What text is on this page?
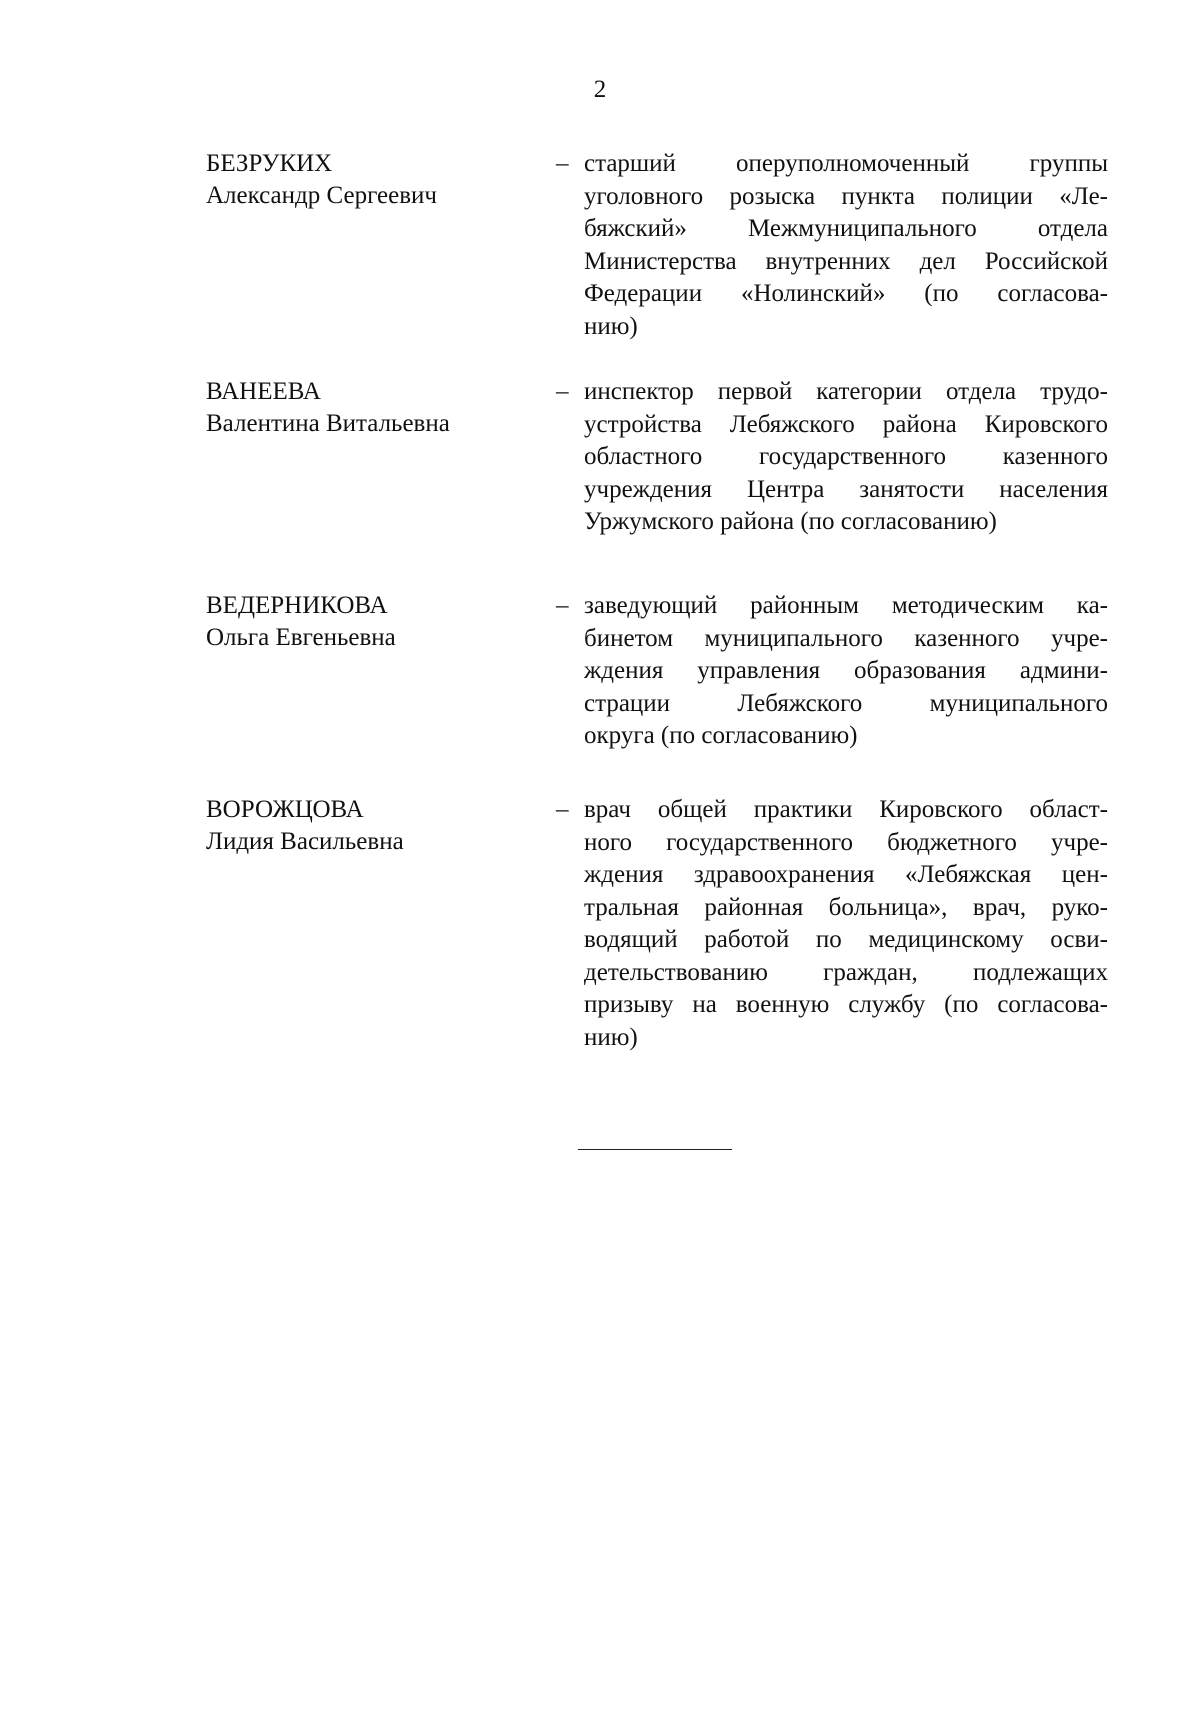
2
БЕЗРУКИХ
Александр Сергеевич
– старший оперуполномоченный группы
уголовного розыска пункта полиции «Ле-
бяжский» Межмуниципального отдела
Министерства внутренних дел Российской
Федерации «Нолинский» (по согласова-
нию)
ВАНЕЕВА
Валентина Витальевна
– инспектор первой категории отдела трудо-
устройства Лебяжского района Кировского
областного государственного казенного
учреждения Центра занятости населения
Уржумского района (по согласованию)
ВЕДЕРНИКОВА
Ольга Евгеньевна
– заведующий районным методическим ка-
бинетом муниципального казенного учре-
ждения управления образования админи-
страции Лебяжского муниципального
округа (по согласованию)
ВОРОЖЦОВА
Лидия Васильевна
– врач общей практики Кировского област-
ного государственного бюджетного учре-
ждения здравоохранения «Лебяжская цен-
тральная районная больница», врач, руко-
водящий работой по медицинскому осви-
детельствованию граждан, подлежащих
призыву на военную службу (по согласова-
нию)
